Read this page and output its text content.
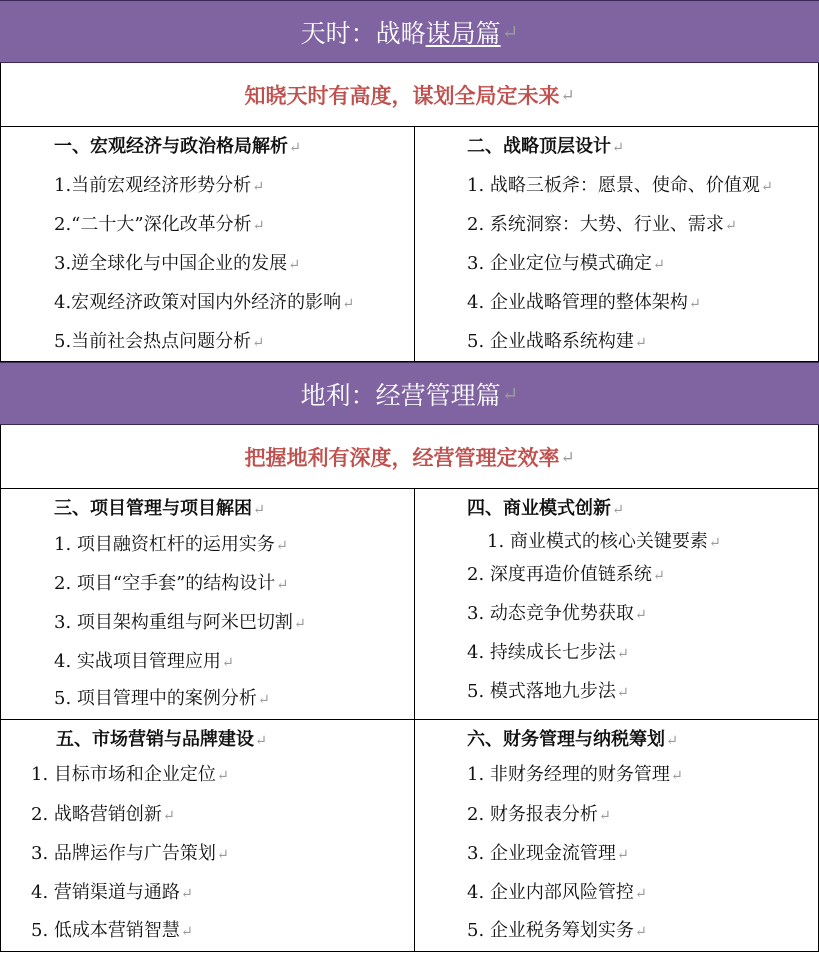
天时：战略谋局篇 ↵
知晓天时有高度，谋划全局定未来 ↵
一、宏观经济与政治格局解析↵
1.当前宏观经济形势分析↵
2.“二十大”深化改革分析↵
3.逆全球化与中国企业的发展↵
4.宏观经济政策对国内外经济的影响↵
5.当前社会热点问题分析↵
二、战略顶层设计↵
1. 战略三板斧：愿景、使命、价值观↵
2. 系统洞察：大势、行业、需求↵
3. 企业定位与模式确定↵
4. 企业战略管理的整体架构↵
5. 企业战略系统构建↵
地利：经营管理篇 ↵
把握地利有深度，经营管理定效率 ↵
三、项目管理与项目解困↵
1. 项目融资杠杆的运用实务↵
2. 项目“空手套”的结构设计↵
3. 项目架构重组与阿米巴切割↵
4. 实战项目管理应用↵
5. 项目管理中的案例分析↵
四、商业模式创新↵
1. 商业模式的核心关键要素↵
2. 深度再造价值链系统↵
3. 动态竞争优势获取↵
4. 持续成长七步法↵
5. 模式落地九步法↵
五、市场营销与品牌建设↵
1. 目标市场和企业定位↵
2. 战略营销创新↵
3. 品牌运作与广告策划↵
4. 营销渠道与通路↵
5. 低成本营销智慧↵
六、财务管理与纳税筹划↵
1. 非财务经理的财务管理↵
2. 财务报表分析↵
3. 企业现金流管理↵
4. 企业内部风险管控↵
5. 企业税务筹划实务↵
